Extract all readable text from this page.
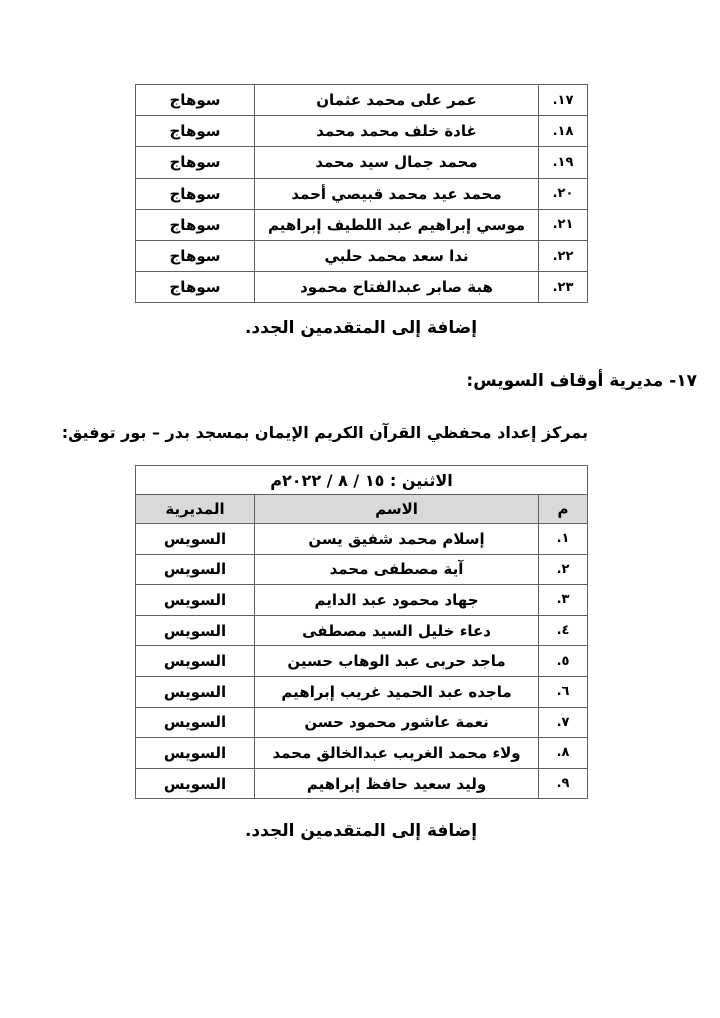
١٧.	عمر على محمد عثمان	سوهاج
١٨.	غادة خلف محمد محمد	سوهاج
١٩.	محمد جمال سيد محمد	سوهاج
٢٠.	محمد عيد محمد قبيصي أحمد	سوهاج
٢١.	موسي إبراهيم عبد اللطيف إبراهيم	سوهاج
٢٢.	ندا سعد محمد حلبي	سوهاج
٢٣.	هبة صابر عبدالفتاح محمود	سوهاج
إضافة إلى المتقدمين الجدد.
١٧- مديرية أوقاف السويس:
بمركز إعداد محفظي القرآن الكريم الإيمان بمسجد بدر – بور توفيق:
الاثنين : ١٥ / ٨ / ٢٠٢٢م		
م	الاسم	المديرية
١.	إسلام محمد شفيق يسن	السويس
٢.	آية مصطفى محمد	السويس
٣.	جهاد محمود عبد الدايم	السويس
٤.	دعاء خليل السيد مصطفى	السويس
٥.	ماجد حربى عبد الوهاب حسين	السويس
٦.	ماجده عبد الحميد غريب إبراهيم	السويس
٧.	نعمة عاشور محمود حسن	السويس
٨.	ولاء محمد الغريب عبدالخالق محمد	السويس
٩.	وليد سعيد حافظ إبراهيم	السويس
إضافة إلى المتقدمين الجدد.
